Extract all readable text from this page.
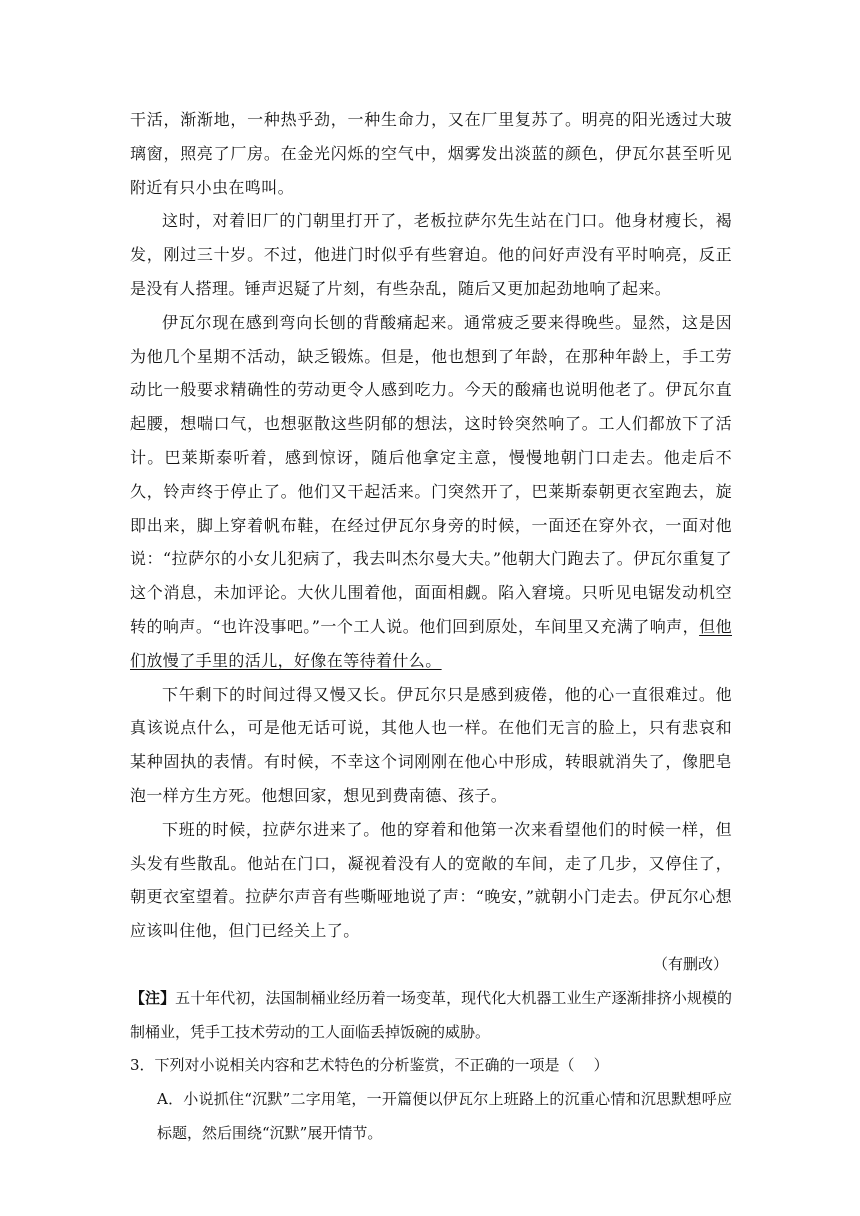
干活，渐渐地，一种热乎劲，一种生命力，又在厂里复苏了。明亮的阳光透过大玻璃窗，照亮了厂房。在金光闪烁的空气中，烟雾发出淡蓝的颜色，伊瓦尔甚至听见附近有只小虫在鸣叫。

这时，对着旧厂的门朝里打开了，老板拉萨尔先生站在门口。他身材瘦长，褐发，刚过三十岁。不过，他进门时似乎有些窘迫。他的问好声没有平时响亮，反正是没有人搭理。锤声迟疑了片刻，有些杂乱，随后又更加起劲地响了起来。

伊瓦尔现在感到弯向长刨的背酸痛起来。通常疲乏要来得晚些。显然，这是因为他几个星期不活动，缺乏锻炼。但是，他也想到了年龄，在那种年龄上，手工劳动比一般要求精确性的劳动更令人感到吃力。今天的酸痛也说明他老了。伊瓦尔直起腰，想喘口气，也想驱散这些阴郁的想法，这时铃突然响了。工人们都放下了活计。巴莱斯泰听着，感到惊讶，随后他拿定主意，慢慢地朝门口走去。他走后不久，铃声终于停止了。他们又干起活来。门突然开了，巴莱斯泰朝更衣室跑去，旋即出来，脚上穿着帆布鞋，在经过伊瓦尔身旁的时候，一面还在穿外衣，一面对他说：“拉萨尔的小女儿犯病了，我去叫杰尔曼大夫。”他朝大门跑去了。伊瓦尔重复了这个消息，未加评论。大伙儿围着他，面面相觑。陷入窘境。只听见电锯发动机空转的响声。“也许没事吧。”一个工人说。他们回到原处，车间里又充满了响声，但他们放慢了手里的活儿，好像在等待着什么。

下午剩下的时间过得又慢又长。伊瓦尔只是感到疲倦，他的心一直很难过。他真该说点什么，可是他无话可说，其他人也一样。在他们无言的脸上，只有悲哀和某种固执的表情。有时候，不幸这个词刚刚在他心中形成，转眼就消失了，像肥皂泡一样方生方死。他想回家，想见到费南德、孩子。

下班的时候，拉萨尔进来了。他的穿着和他第一次来看望他们的时候一样，但头发有些散乱。他站在门口，凝视着没有人的宽敞的车间，走了几步，又停住了，朝更衣室望着。拉萨尔声音有些嘶哑地说了声：“晚安，”就朝小门走去。伊瓦尔心想应该叫住他，但门已经关上了。

（有删改）

【注】五十年代初，法国制桶业经历着一场变革，现代化大机器工业生产逐渐排挤小规模的制桶业，凭手工技术劳动的工人面临丢掉饭碗的威胁。

3．下列对小说相关内容和艺术特色的分析鉴赏，不正确的一项是（    ）

A．小说抓住“沉默”二字用笔，一开篇便以伊瓦尔上班路上的沉重心情和沉思默想呼应标题，然后围绕“沉默”展开情节。
